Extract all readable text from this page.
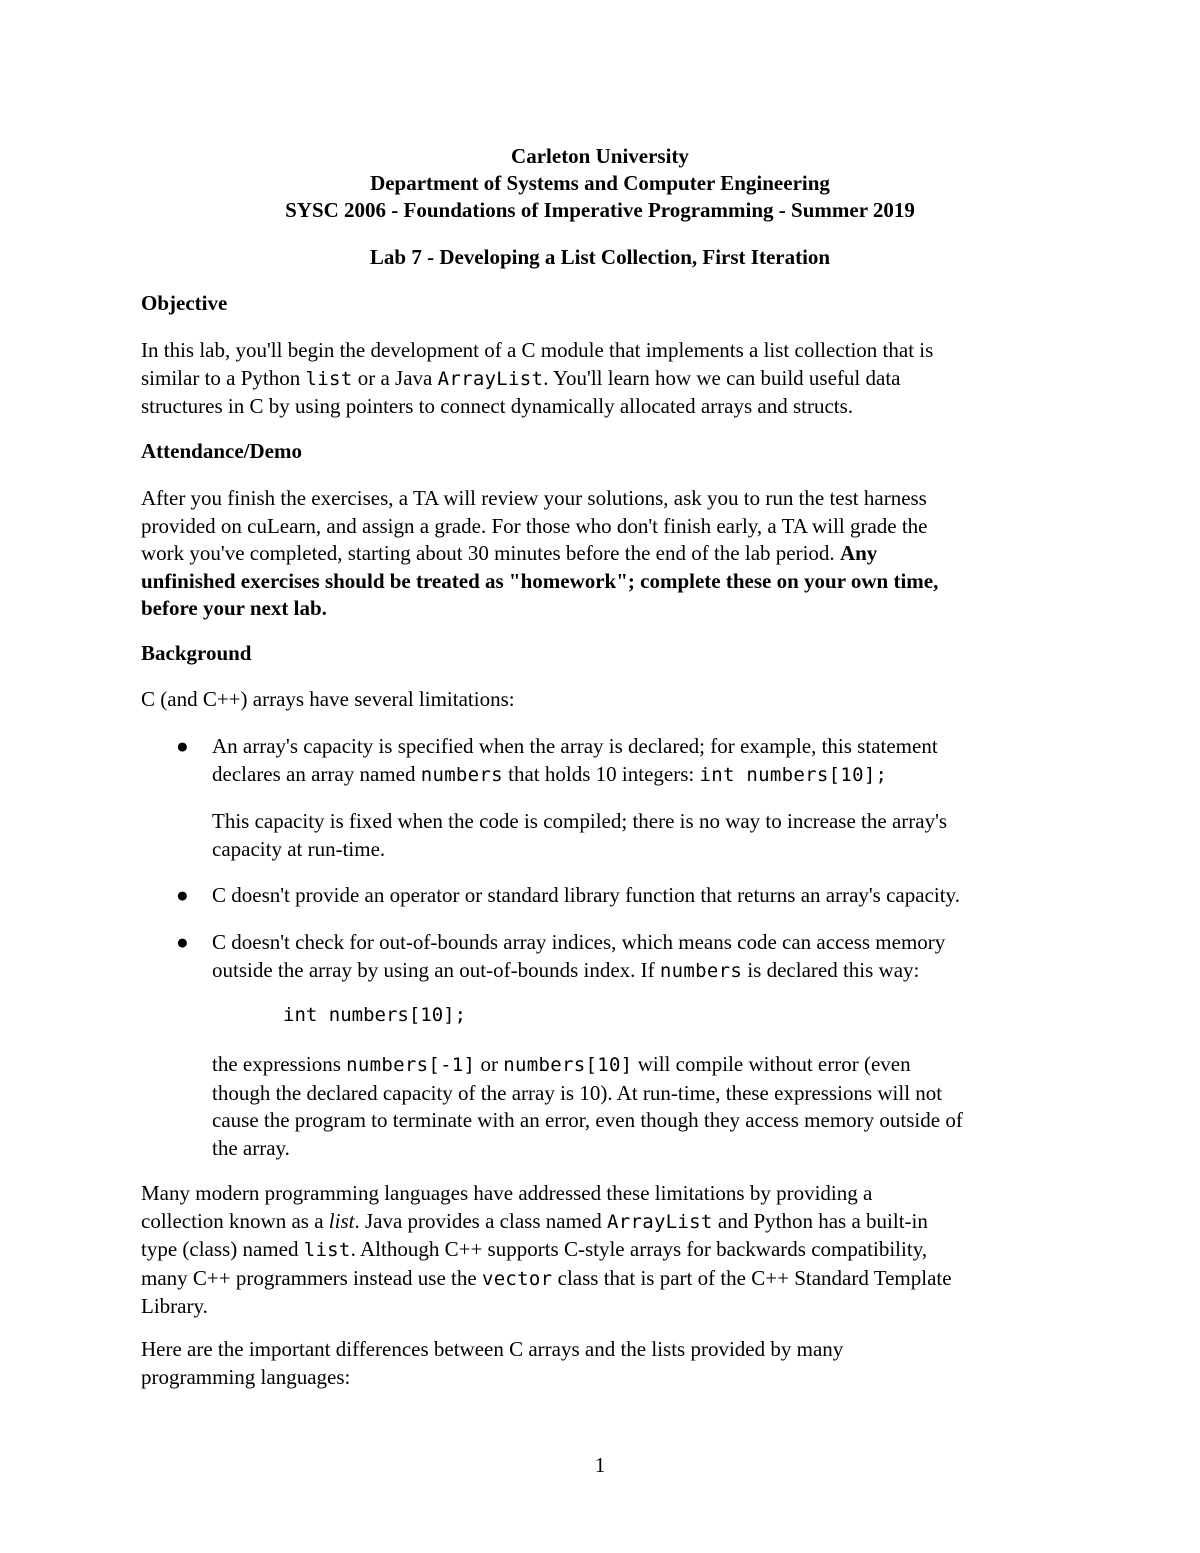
Carleton University
Department of Systems and Computer Engineering
SYSC 2006 - Foundations of Imperative Programming - Summer 2019
Lab 7 - Developing a List Collection, First Iteration
Objective
In this lab, you'll begin the development of a C module that implements a list collection that is
similar to a Python list or a Java ArrayList. You'll learn how we can build useful data
structures in C by using pointers to connect dynamically allocated arrays and structs.
Attendance/Demo
After you finish the exercises, a TA will review your solutions, ask you to run the test harness
provided on cuLearn, and assign a grade. For those who don't finish early, a TA will grade the
work you've completed, starting about 30 minutes before the end of the lab period. Any
unfinished exercises should be treated as "homework"; complete these on your own time,
before your next lab.
Background
C (and C++) arrays have several limitations:
● An array's capacity is specified when the array is declared; for example, this statement
declares an array named numbers that holds 10 integers: int numbers[10];
This capacity is fixed when the code is compiled; there is no way to increase the array's
capacity at run-time.
● C doesn't provide an operator or standard library function that returns an array's capacity.
● C doesn't check for out-of-bounds array indices, which means code can access memory
outside the array by using an out-of-bounds index. If numbers is declared this way:
int numbers[10];
the expressions numbers[-1] or numbers[10] will compile without error (even
though the declared capacity of the array is 10). At run-time, these expressions will not
cause the program to terminate with an error, even though they access memory outside of
the array.
Many modern programming languages have addressed these limitations by providing a
collection known as a list. Java provides a class named ArrayList and Python has a built-in
type (class) named list. Although C++ supports C-style arrays for backwards compatibility,
many C++ programmers instead use the vector class that is part of the C++ Standard Template
Library.
Here are the important differences between C arrays and the lists provided by many
programming languages:
1
